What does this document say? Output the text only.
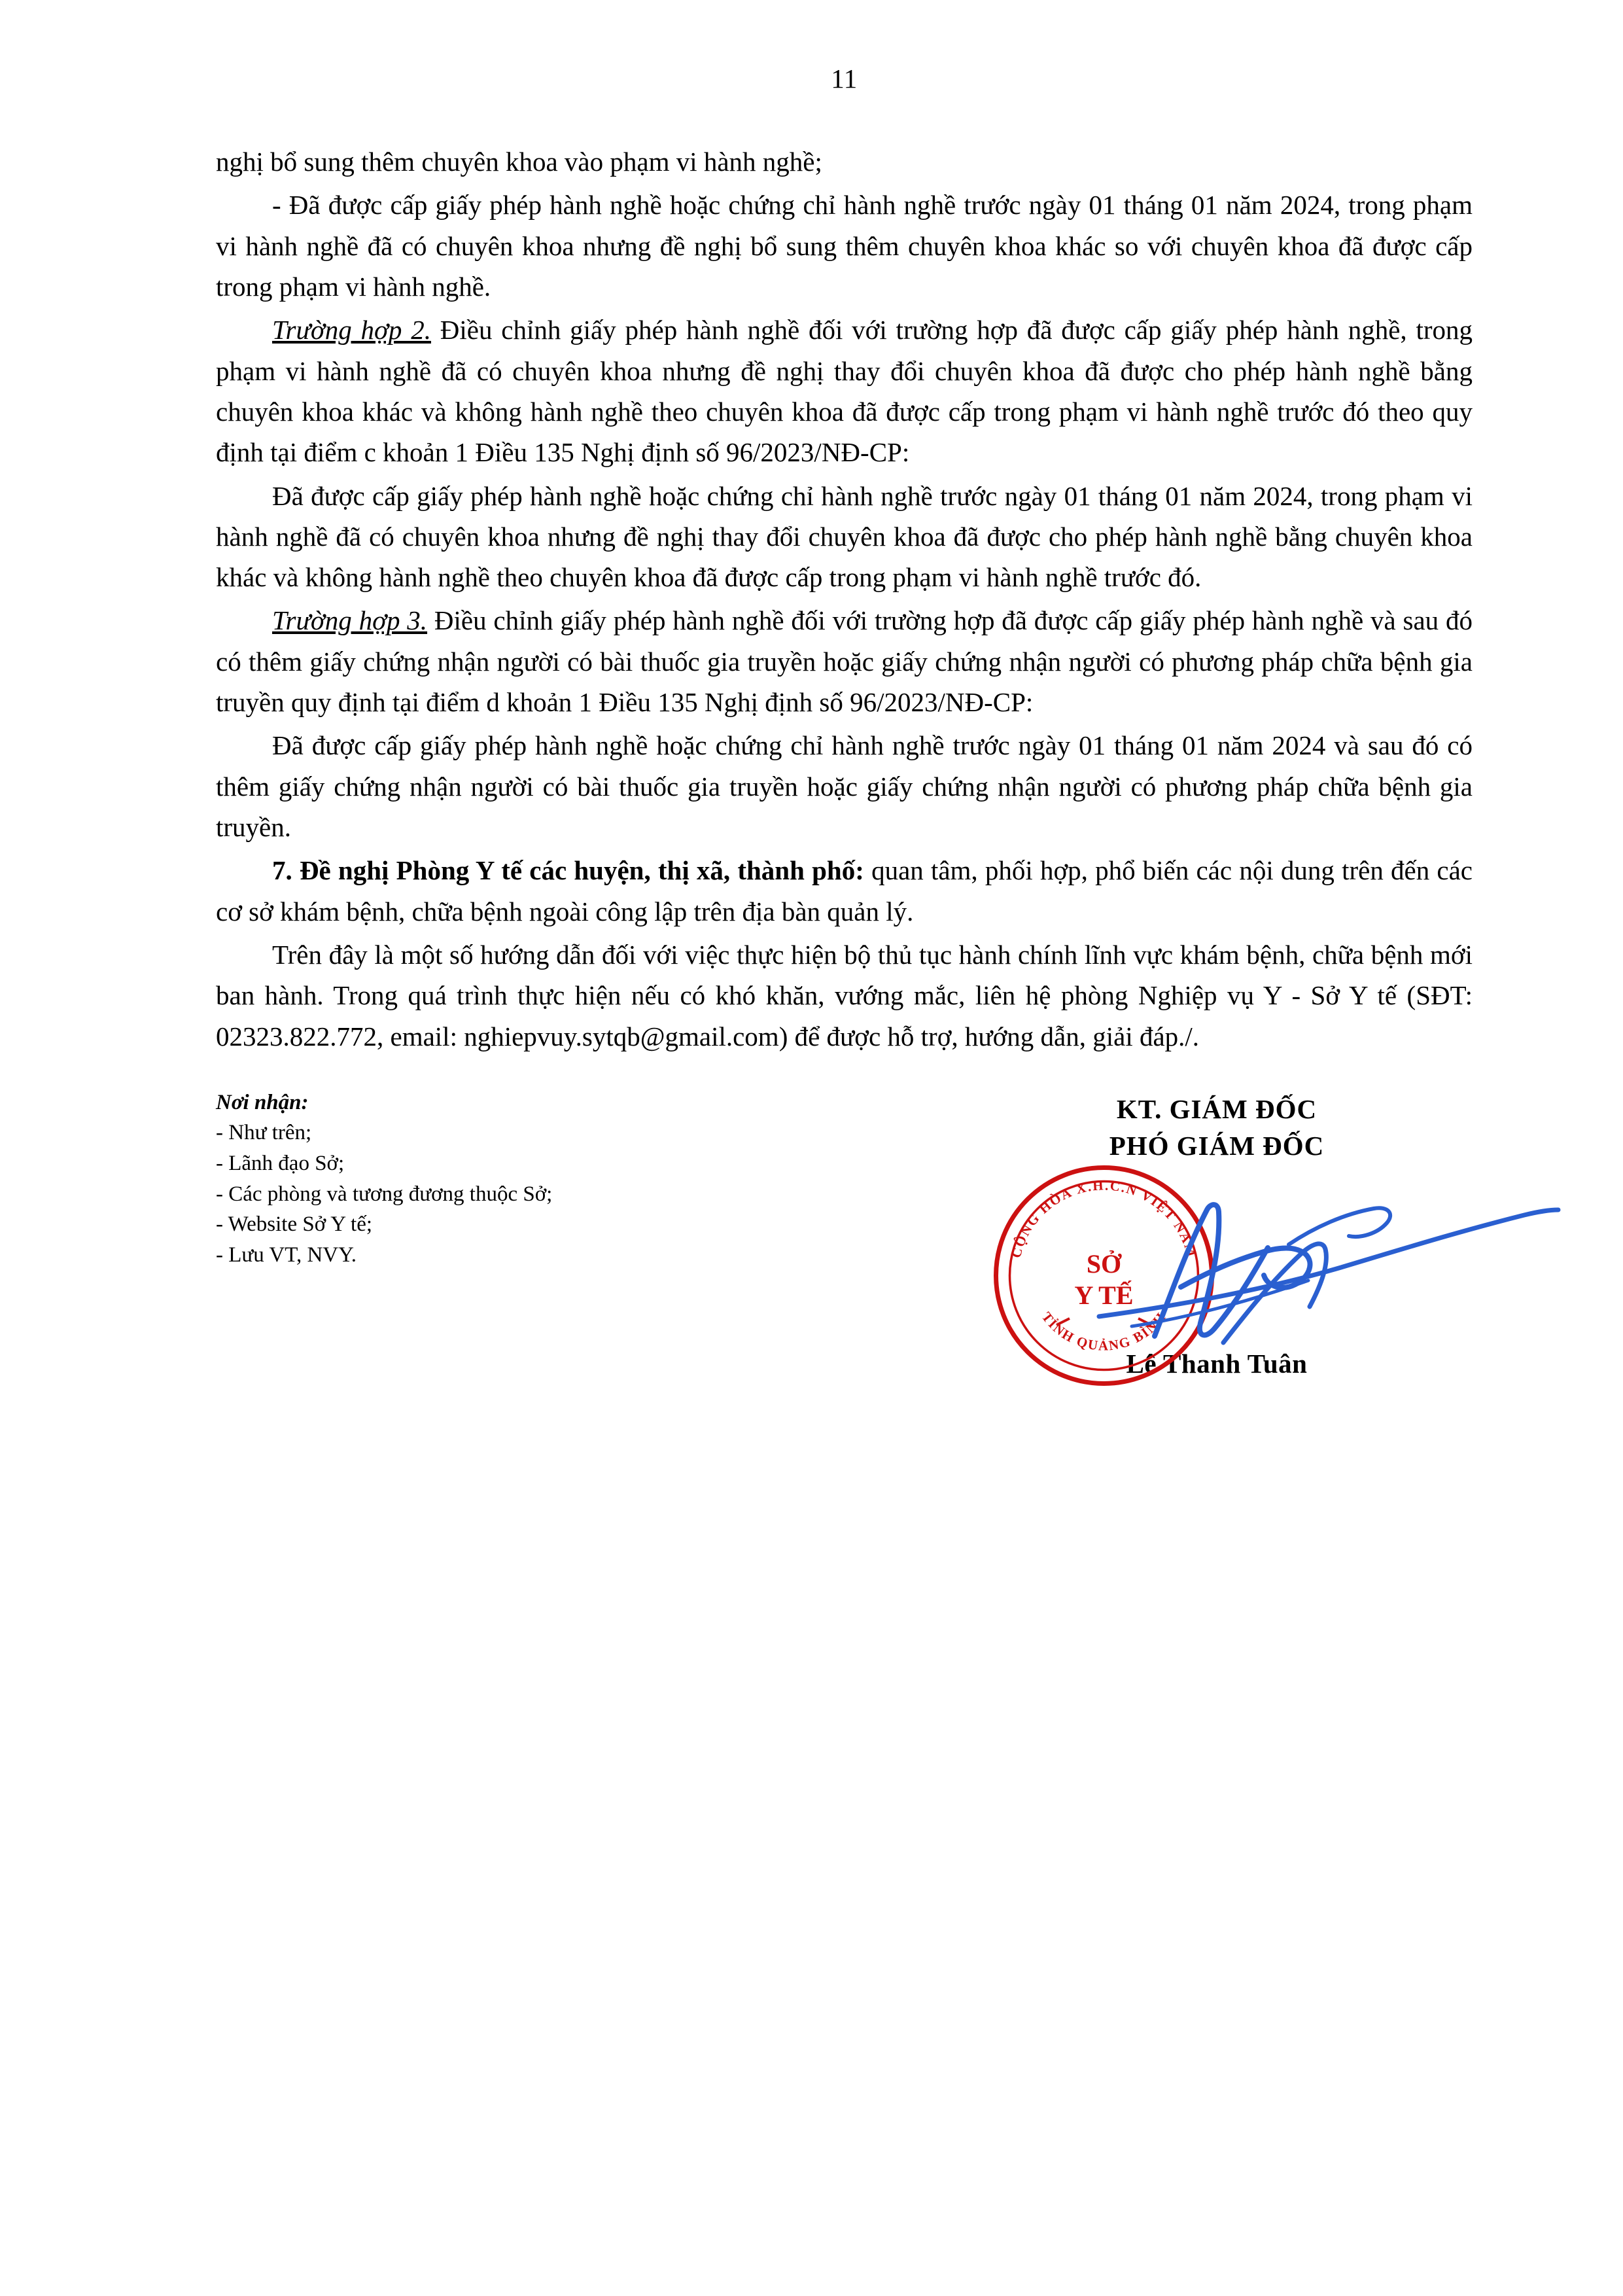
11

nghị bổ sung thêm chuyên khoa vào phạm vi hành nghề;

- Đã được cấp giấy phép hành nghề hoặc chứng chỉ hành nghề trước ngày 01 tháng 01 năm 2024, trong phạm vi hành nghề đã có chuyên khoa nhưng đề nghị bổ sung thêm chuyên khoa khác so với chuyên khoa đã được cấp trong phạm vi hành nghề.

Trường hợp 2. Điều chỉnh giấy phép hành nghề đối với trường hợp đã được cấp giấy phép hành nghề, trong phạm vi hành nghề đã có chuyên khoa nhưng đề nghị thay đổi chuyên khoa đã được cho phép hành nghề bằng chuyên khoa khác và không hành nghề theo chuyên khoa đã được cấp trong phạm vi hành nghề trước đó theo quy định tại điểm c khoản 1 Điều 135 Nghị định số 96/2023/NĐ-CP:

Đã được cấp giấy phép hành nghề hoặc chứng chỉ hành nghề trước ngày 01 tháng 01 năm 2024, trong phạm vi hành nghề đã có chuyên khoa nhưng đề nghị thay đổi chuyên khoa đã được cho phép hành nghề bằng chuyên khoa khác và không hành nghề theo chuyên khoa đã được cấp trong phạm vi hành nghề trước đó.

Trường hợp 3. Điều chỉnh giấy phép hành nghề đối với trường hợp đã được cấp giấy phép hành nghề và sau đó có thêm giấy chứng nhận người có bài thuốc gia truyền hoặc giấy chứng nhận người có phương pháp chữa bệnh gia truyền quy định tại điểm d khoản 1 Điều 135 Nghị định số 96/2023/NĐ-CP:

Đã được cấp giấy phép hành nghề hoặc chứng chỉ hành nghề trước ngày 01 tháng 01 năm 2024 và sau đó có thêm giấy chứng nhận người có bài thuốc gia truyền hoặc giấy chứng nhận người có phương pháp chữa bệnh gia truyền.

7. Đề nghị Phòng Y tế các huyện, thị xã, thành phố: quan tâm, phối hợp, phổ biến các nội dung trên đến các cơ sở khám bệnh, chữa bệnh ngoài công lập trên địa bàn quản lý.

Trên đây là một số hướng dẫn đối với việc thực hiện bộ thủ tục hành chính lĩnh vực khám bệnh, chữa bệnh mới ban hành. Trong quá trình thực hiện nếu có khó khăn, vướng mắc, liên hệ phòng Nghiệp vụ Y - Sở Y tế (SĐT: 02323.822.772, email: nghiepvuy.sytqb@gmail.com) để được hỗ trợ, hướng dẫn, giải đáp./.

Nơi nhận:
- Như trên;
- Lãnh đạo Sở;
- Các phòng và tương đương thuộc Sở;
- Website Sở Y tế;
- Lưu VT, NVY.
KT. GIÁM ĐỐC
PHÓ GIÁM ĐỐC
Lê Thanh Tuân
CỘNG HÒA X.H.C.N VIỆT NAM
TỈNH QUẢNG BÌNH
SỞ
Y TẾ
